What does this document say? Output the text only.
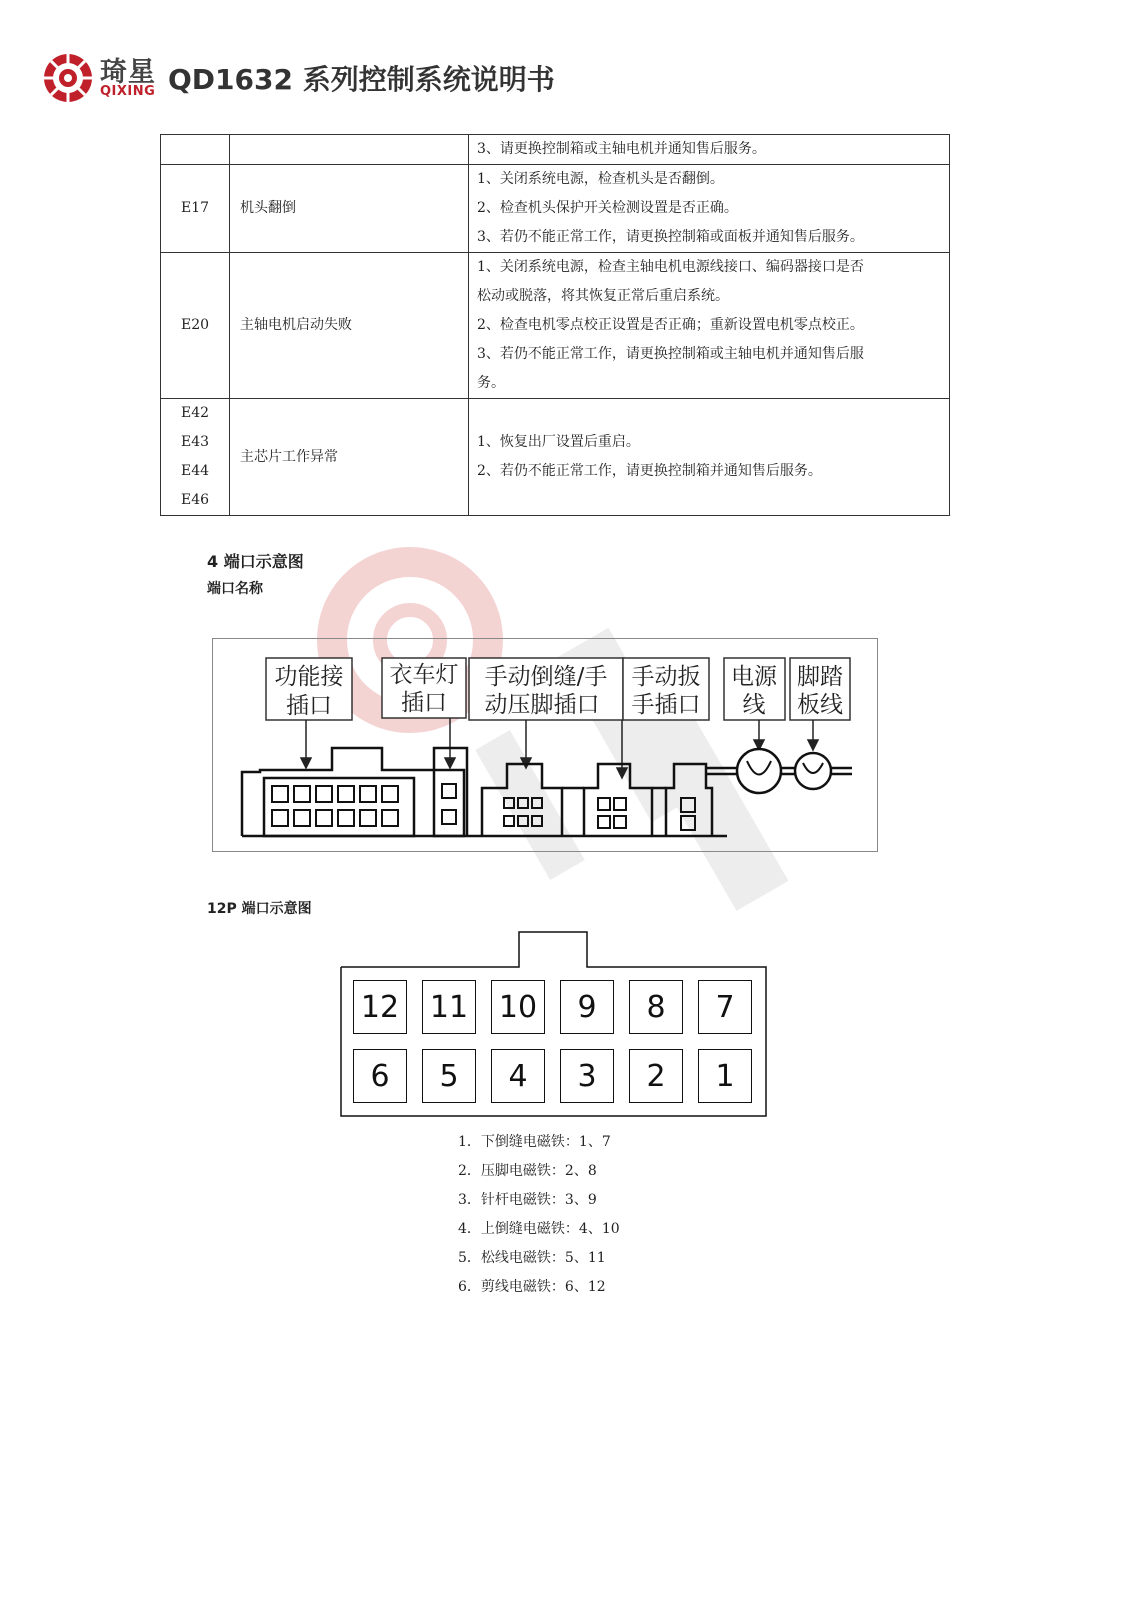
琦星
QIXING QD1632 系列控制系统说明书

		3、请更换控制箱或主轴电机并通知售后服务。

E17	机头翻倒	1、关闭系统电源，检查机头是否翻倒。
2、检查机头保护开关检测设置是否正确。
3、若仍不能正常工作，请更换控制箱或面板并通知售后服务。

E20	主轴电机启动失败	1、关闭系统电源，检查主轴电机电源线接口、编码器接口是否
松动或脱落，将其恢复正常后重启系统。
2、检查电机零点校正设置是否正确；重新设置电机零点校正。
3、若仍不能正常工作，请更换控制箱或主轴电机并通知售后服
务。

E42
E43
E44
E46	主芯片工作异常	1、恢复出厂设置后重启。
2、若仍不能正常工作，请更换控制箱并通知售后服务。
4 端口示意图
端口名称
功能接
插口
衣车灯
插口
手动倒缝/手
动压脚插口
手动扳
手插口
电源
线
脚踏
板线
12P 端口示意图
12 11 10	9	8	7
6	5	4	3	2	1
1．下倒缝电磁铁：1、7
2．压脚电磁铁：2、8
3．针杆电磁铁：3、9
4．上倒缝电磁铁：4、10
5．松线电磁铁：5、11
6．剪线电磁铁：6、12
